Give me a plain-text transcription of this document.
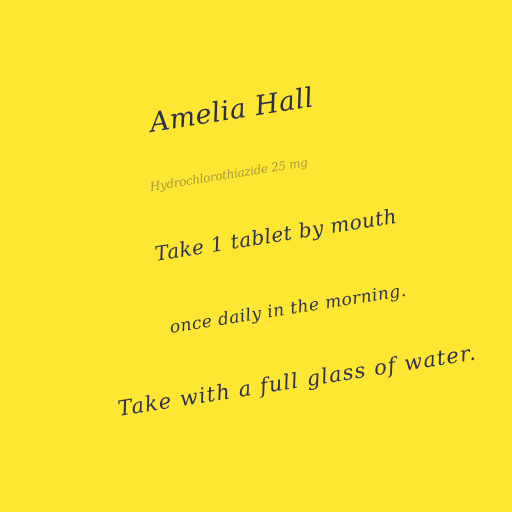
Amelia Hall
Hydrochlorothiazide 25 mg
Take 1 tablet by mouth
once daily in the morning.
Take with a full glass of water.
